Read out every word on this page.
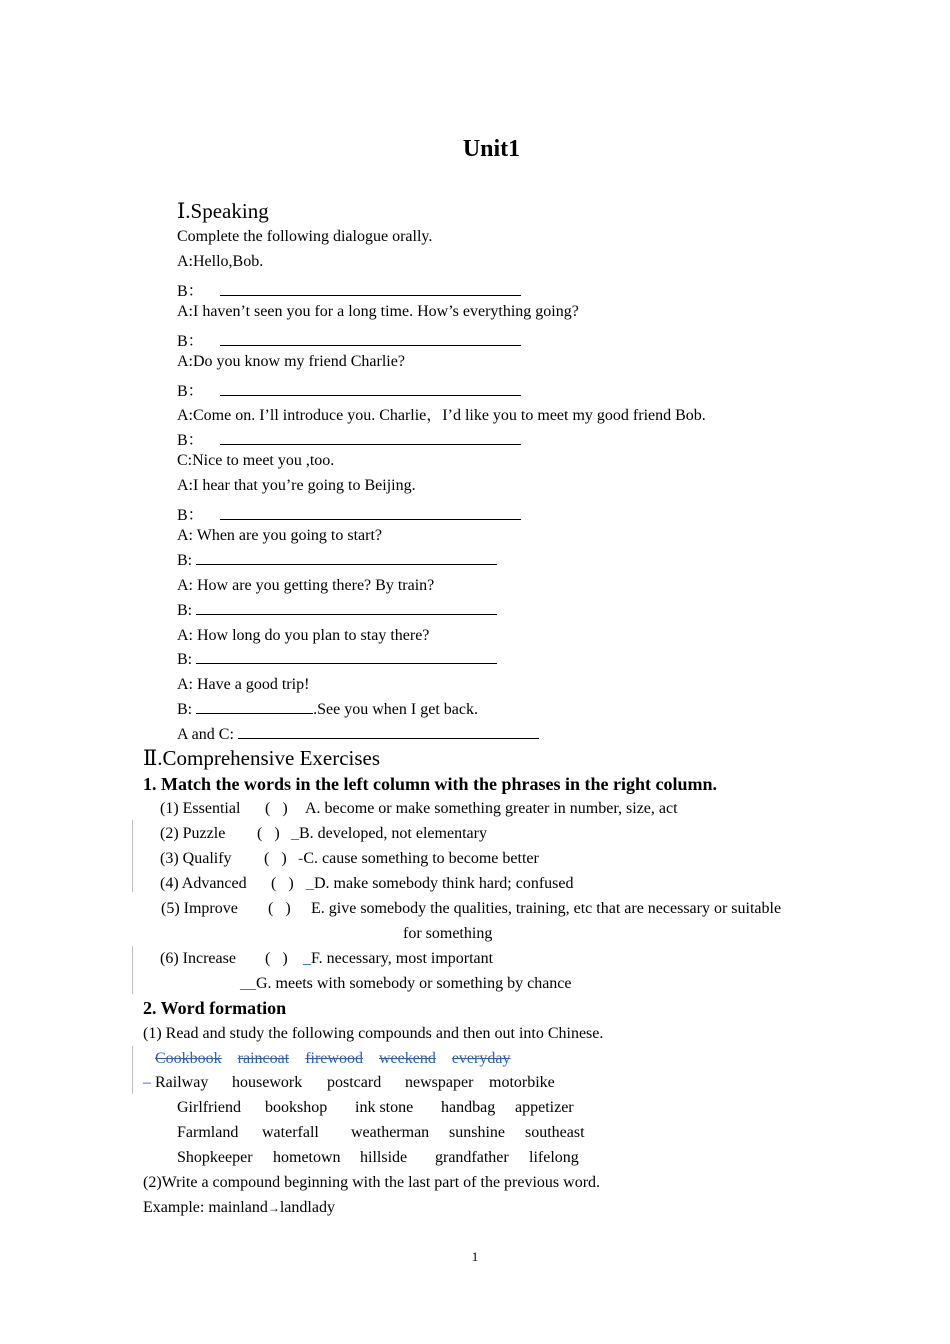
Unit1
Ⅰ.Speaking
Complete the following dialogue orally.
A:Hello,Bob.
B：
A:I haven’t seen you for a long time. How’s everything going?
B：
A:Do you know my friend Charlie?
B：
A:Come on. I’ll introduce you. Charlie，I’d like you to meet my good friend Bob.
B：
C:Nice to meet you ,too.
A:I hear that you’re going to Beijing.
B：
A: When are you going to start?
B:
A: How are you getting there? By train?
B:
A: How long do you plan to stay there?
B:
A: Have a good trip!
B:	.See you when I get back.
A and C:
Ⅱ.Comprehensive Exercises
1. Match the words in the left column with the phrases in the right column.
(1) Essential (   ) A. become or make something greater in number, size, act
(2) Puzzle (   ) _B. developed, not elementary
(3) Qualify (   ) -C. cause something to become better
(4) Advanced (   ) _D. make somebody think hard; confused
(5) Improve (   ) E. give somebody the qualities, training, etc that are necessary or suitable
(6) Increase (   ) _F. necessary, most important
for something
__G. meets with somebody or something by chance
2. Word formation
(1) Read and study the following compounds and then out into Chinese.
Cookbook raincoat firewood weekend everyday
– Railway housework postcard newspaper motorbike
Girlfriend bookshop ink stone handbag appetizer
Farmland waterfall weatherman sunshine southeast
Shopkeeper hometown hillside grandfather lifelong
(2)Write a compound beginning with the last part of the previous word.
Example: mainland→landlady
1
